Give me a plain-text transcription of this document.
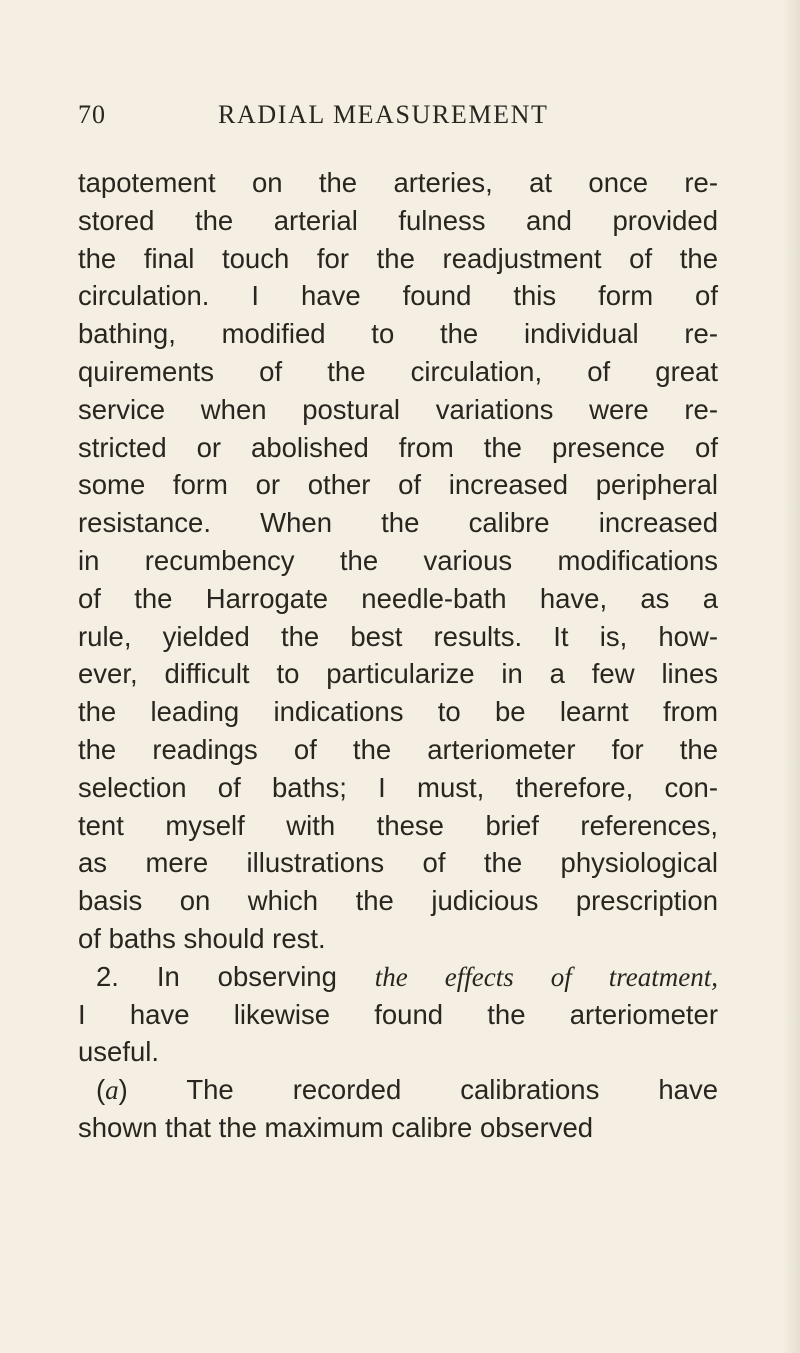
70	RADIAL MEASUREMENT
tapotement on the arteries, at once re-
stored the arterial fulness and provided
the final touch for the readjustment of the
circulation. I have found this form of
bathing, modified to the individual re-
quirements of the circulation, of great
service when postural variations were re-
stricted or abolished from the presence of
some form or other of increased peripheral
resistance. When the calibre increased
in recumbency the various modifications
of the Harrogate needle-bath have, as a
rule, yielded the best results. It is, how-
ever, difficult to particularize in a few lines
the leading indications to be learnt from
the readings of the arteriometer for the
selection of baths; I must, therefore, con-
tent myself with these brief references,
as mere illustrations of the physiological
basis on which the judicious prescription
of baths should rest.
2. In observing the effects of treatment,
I have likewise found the arteriometer
useful.
(a) The recorded calibrations have
shown that the maximum calibre observed
